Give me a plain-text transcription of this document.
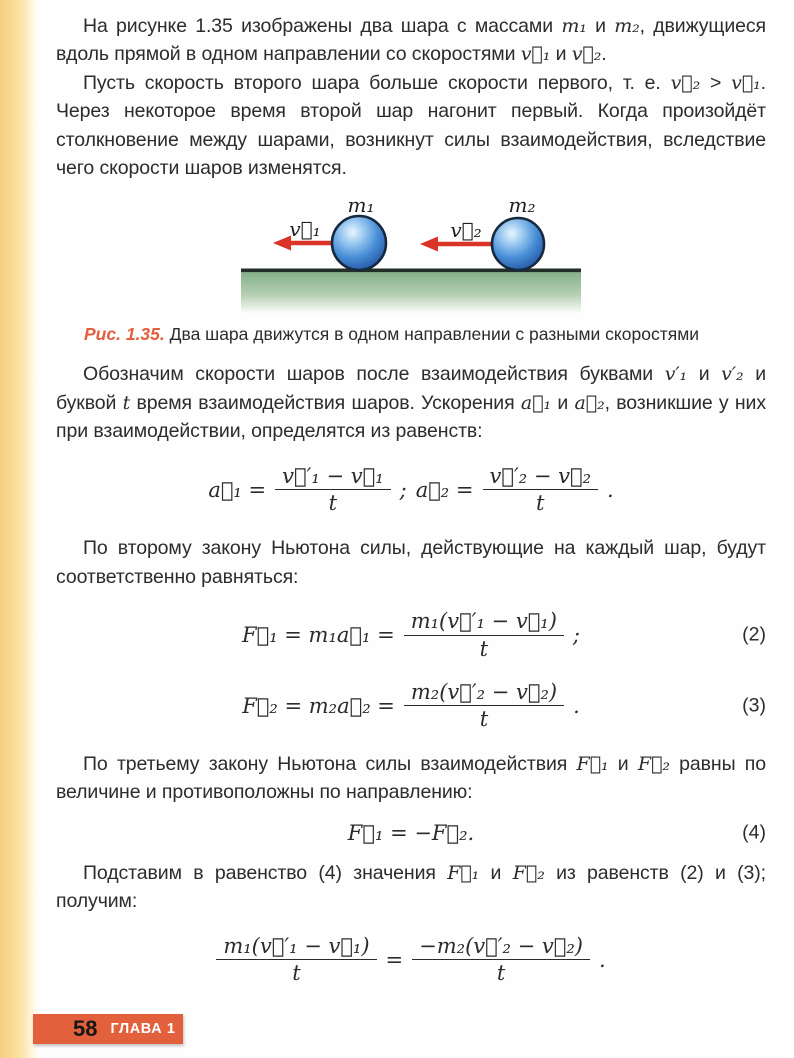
На рисунке 1.35 изображены два шара с массами m₁ и m₂, движущиеся вдоль прямой в одном направлении со скоростями v⃗₁ и v⃗₂.

Пусть скорость второго шара больше скорости первого, т. е. v⃗₂ > v⃗₁. Через некоторое время второй шар нагонит первый. Когда произойдёт столкновение между шарами, возникнут силы взаимодействия, вследствие чего скорости шаров изменятся.

m₁	m₂
v⃗₁	v⃗₂
Рис. 1.35. Два шара движутся в одном направлении с разными скоростями

Обозначим скорости шаров после взаимодействия буквами v′₁ и v′₂ и буквой t время взаимодействия шаров. Ускорения a⃗₁ и a⃗₂, возникшие у них при взаимодействии, определятся из равенств:

a⃗₁ = $\frac{\text{v⃗′₁ − v⃗₁}}{t}$ ; a⃗₂ = $\frac{\text{v⃗′₂ − v⃗₂}}{t}$ .

По второму закону Ньютона силы, действующие на каждый шар, будут соответственно равняться:

F⃗₁ = m₁a⃗₁ = $\frac{\text{m₁(v⃗′₁ − v⃗₁)}}{t}$ ;	(2)
F⃗₂ = m₂a⃗₂ = $\frac{\text{m₂(v⃗′₂ − v⃗₂)}}{t}$ .	(3)

По третьему закону Ньютона силы взаимодействия F⃗₁ и F⃗₂ равны по величине и противоположны по направлению:

F⃗₁ = −F⃗₂.	(4)

Подставим в равенство (4) значения F⃗₁ и F⃗₂ из равенств (2) и (3); получим:

$\frac{\text{m₁(v⃗′₁ − v⃗₁)}}{t} = \frac{\text{−m₂(v⃗′₂ − v⃗₂)}}{t}$ .
58 ГЛАВА 1
